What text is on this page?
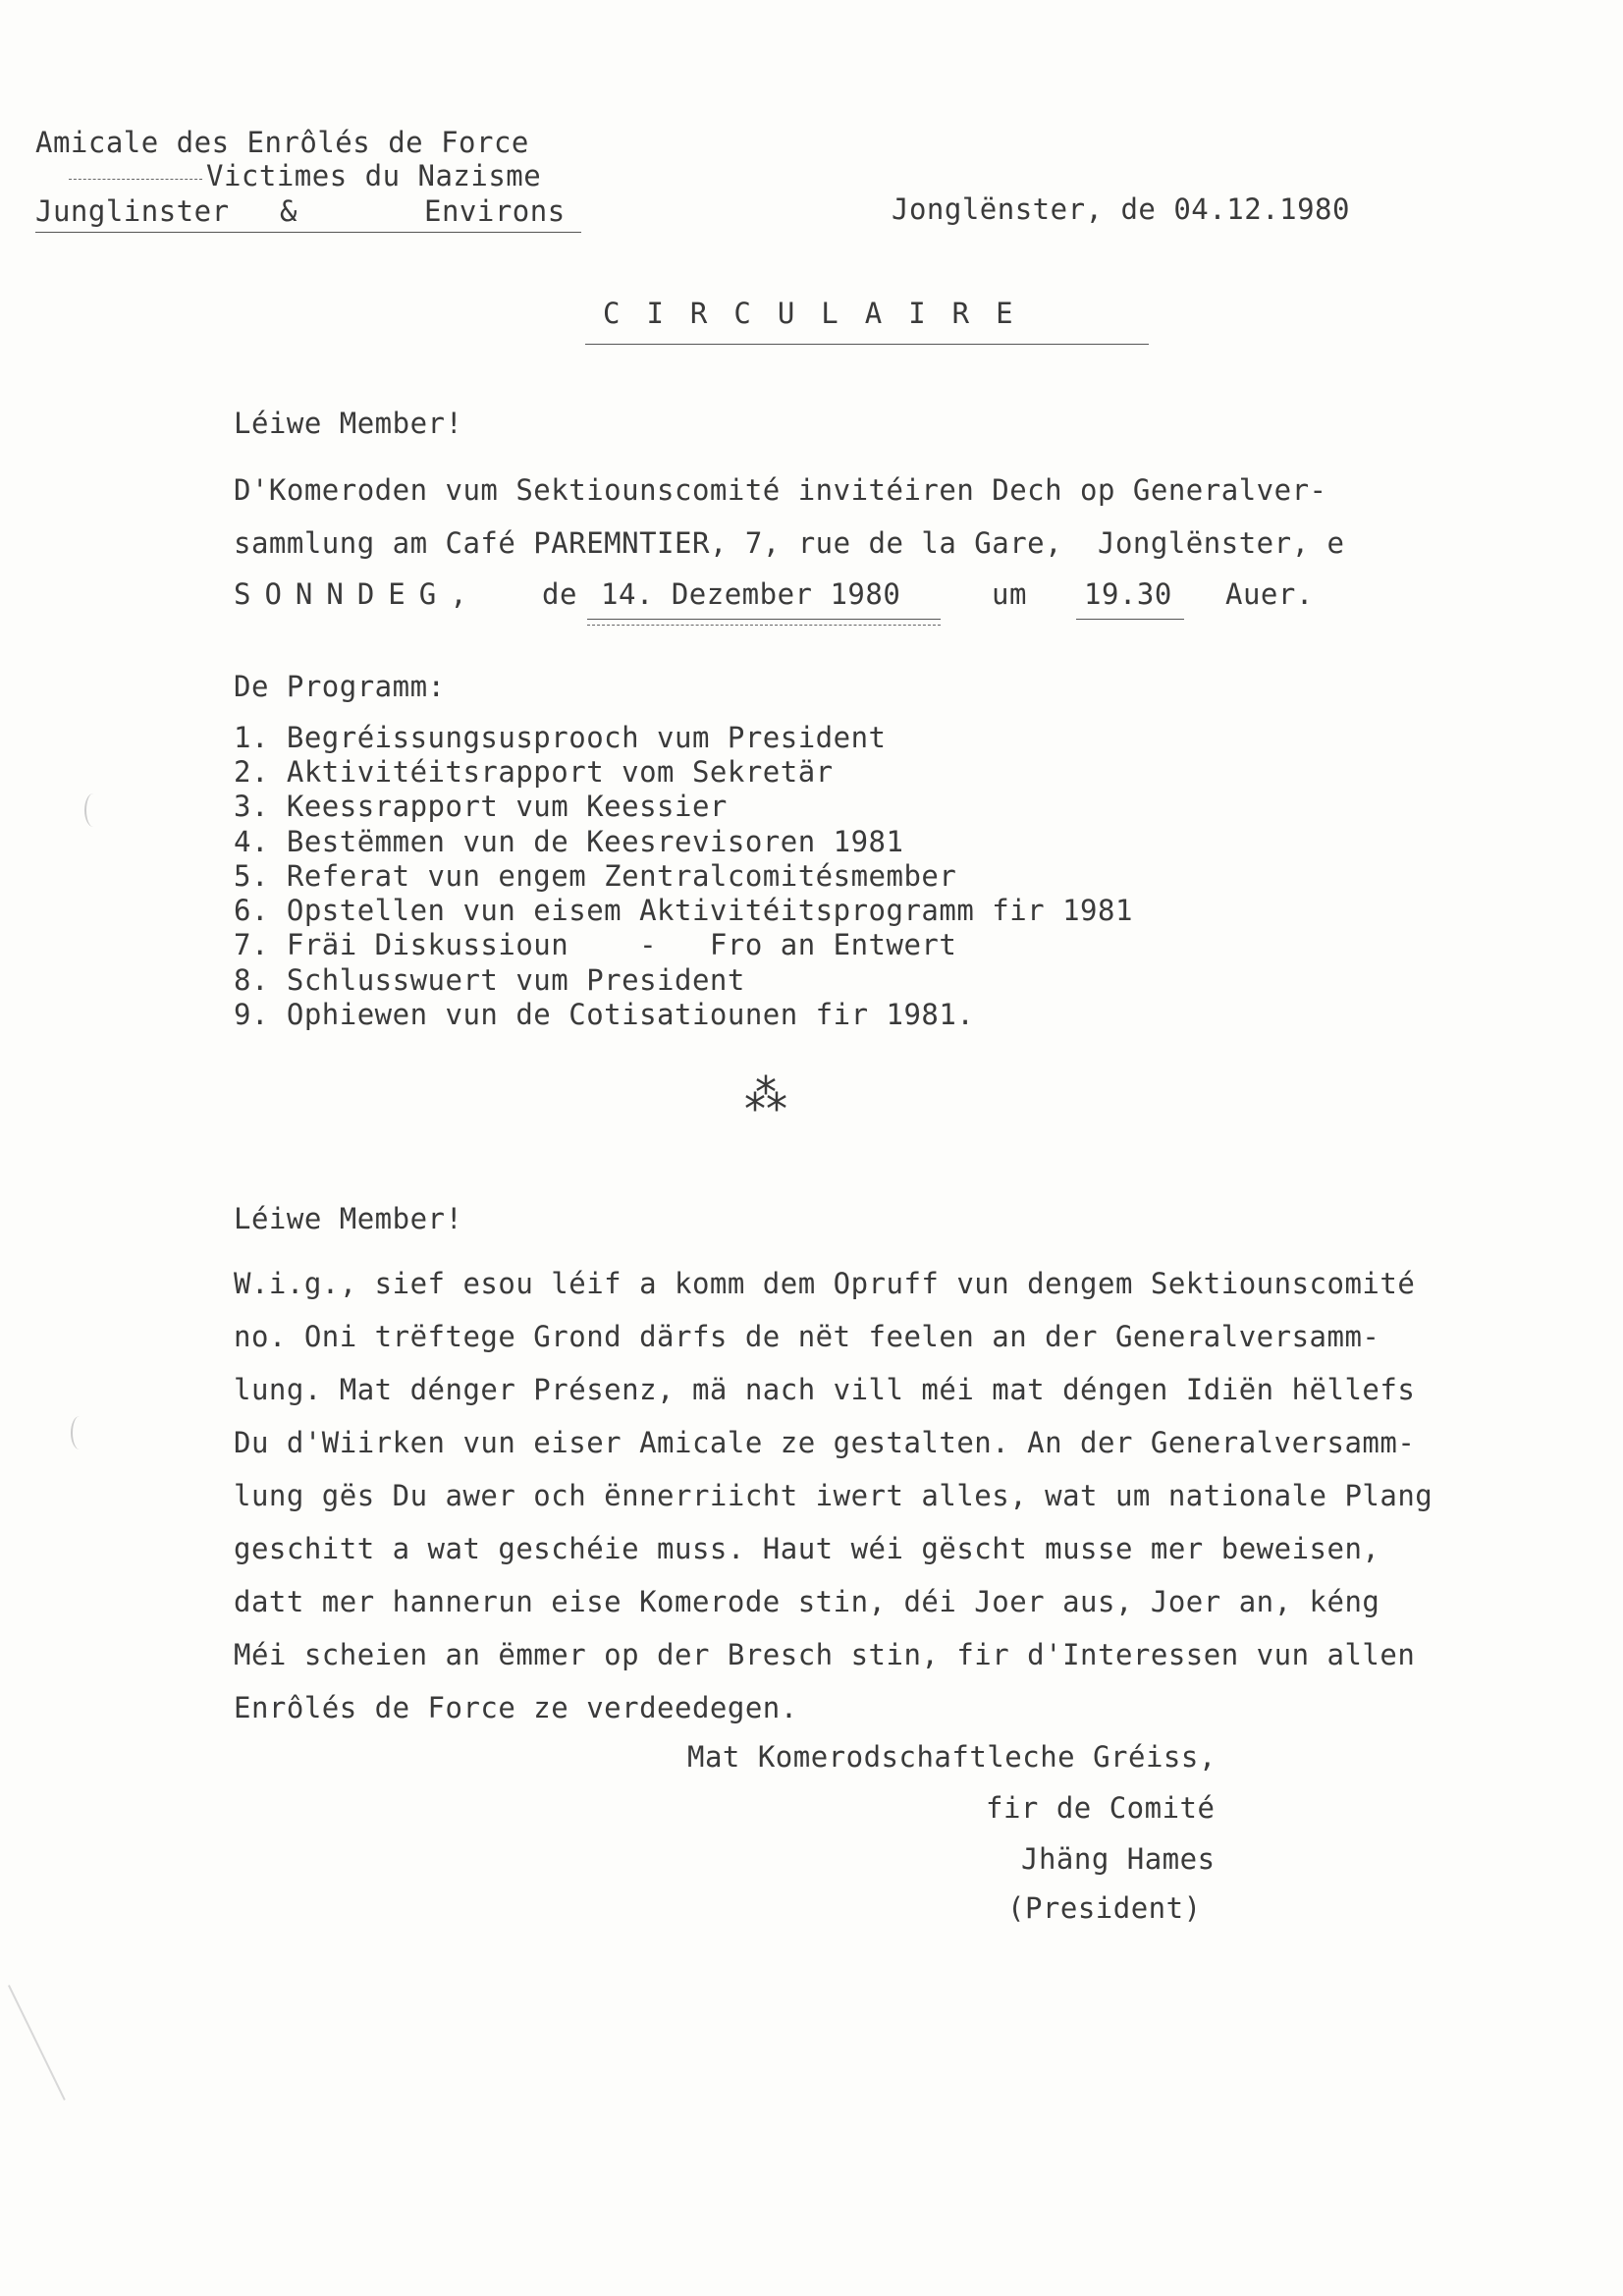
Amicale des Enrôlés de Force
Victimes du Nazisme
Junglinster &	Environs	Jonglënster, de 04.12.1980
CIRCULAIRE
Léiwe Member!
D'Komeroden vum Sektiounscomité invitéiren Dech op Generalver-
sammlung am Café PAREMNTIER, 7, rue de la Gare,  Jonglënster, e
SONNDEG, de 14. Dezember 1980	um 19.30 Auer.
De Programm:
1. Begréissungsusprooch vum President
2. Aktivitéitsrapport vom Sekretär
3. Keessrapport vum Keessier
4. Bestëmmen vun de Keesrevisoren 1981
5. Referat vun engem Zentralcomitésmember
6. Opstellen vun eisem Aktivitéitsprogramm fir 1981
7. Fräi Diskussioun    -   Fro an Entwert
8. Schlusswuert vum President
9. Ophiewen vun de Cotisatiounen fir 1981.
⁂
Léiwe Member!
W.i.g., sief esou léif a komm dem Opruff vun dengem Sektiounscomité
no. Oni trëftege Grond därfs de nët feelen an der Generalversamm-
lung. Mat dénger Présenz, mä nach vill méi mat déngen Idiën hëllefs
Du d'Wiirken vun eiser Amicale ze gestalten. An der Generalversamm-
lung gës Du awer och ënnerriicht iwert alles, wat um nationale Plang
geschitt a wat geschéie muss. Haut wéi gëscht musse mer beweisen,
datt mer hannerun eise Komerode stin, déi Joer aus, Joer an, kéng
Méi scheien an ëmmer op der Bresch stin, fir d'Interessen vun allen
Enrôlés de Force ze verdeedegen.
Mat Komerodschaftleche Gréiss,
fir de Comité
Jhäng Hames
(President)
